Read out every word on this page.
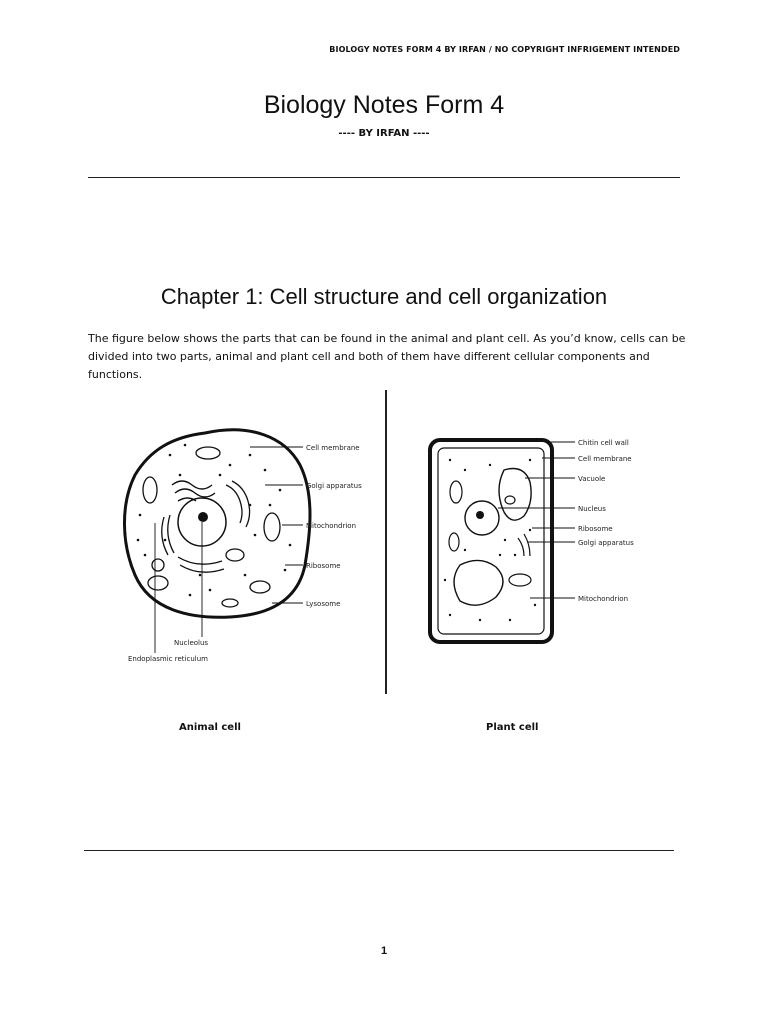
BIOLOGY NOTES FORM 4 BY IRFAN / NO COPYRIGHT INFRIGEMENT INTENDED
Biology Notes Form 4
---- BY IRFAN ----
Chapter 1: Cell structure and cell organization
The figure below shows the parts that can be found in the animal and plant cell. As you’d know, cells can be divided into two parts, animal and plant cell and both of them have different cellular components and functions.
Cell membrane
Golgi apparatus
Mitochondrion
Ribosome
Lysosome
Nucleolus
Endoplasmic reticulum
Chitin cell wall
Cell membrane
Vacuole
Nucleus
Ribosome
Golgi apparatus
Mitochondrion
Animal cell	Plant cell
1
